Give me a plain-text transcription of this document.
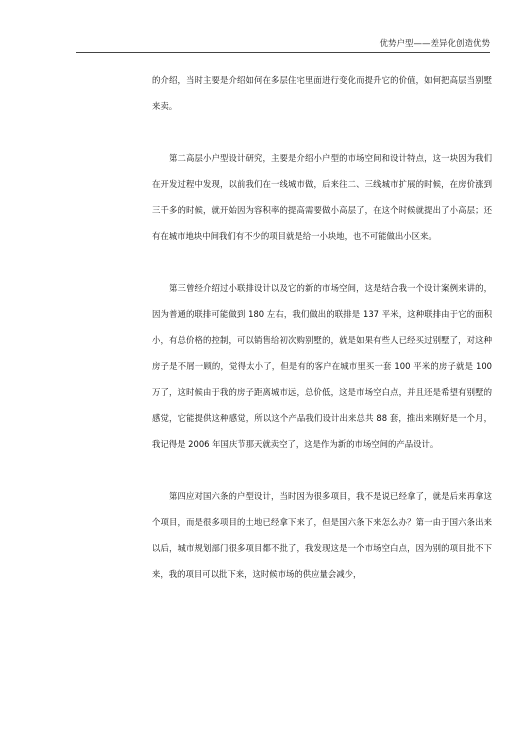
优势户型——差异化创造优势

的介绍，当时主要是介绍如何在多层住宅里面进行变化而提升它的价值，如何把高层当别墅来卖。

第二高层小户型设计研究，主要是介绍小户型的市场空间和设计特点，这一块因为我们在开发过程中发现，以前我们在一线城市做，后来往二、三线城市扩展的时候，在房价涨到三千多的时候，就开始因为容积率的提高需要做小高层了，在这个时候就提出了小高层；还有在城市地块中间我们有不少的项目就是给一小块地，也不可能做出小区来。

第三曾经介绍过小联排设计以及它的新的市场空间，这是结合我一个设计案例来讲的，因为普通的联排可能做到 180 左右，我们做出的联排是 137 平米，这种联排由于它的面积小，有总价格的控制，可以销售给初次购别墅的，就是如果有些人已经买过别墅了，对这种房子是不屑一顾的，觉得太小了，但是有的客户在城市里买一套 100 平米的房子就是 100 万了，这时候由于我的房子距离城市远，总价低，这是市场空白点，并且还是希望有别墅的感觉，它能提供这种感觉，所以这个产品我们设计出来总共 88 套，推出来刚好是一个月，我记得是 2006 年国庆节那天就卖空了，这是作为新的市场空间的产品设计。

第四应对国六条的户型设计，当时因为很多项目，我不是说已经拿了，就是后来再拿这个项目，而是很多项目的土地已经拿下来了，但是国六条下来怎么办？第一由于国六条出来以后，城市规划部门很多项目都不批了，我发现这是一个市场空白点，因为别的项目批不下来，我的项目可以批下来，这时候市场的供应量会减少，
